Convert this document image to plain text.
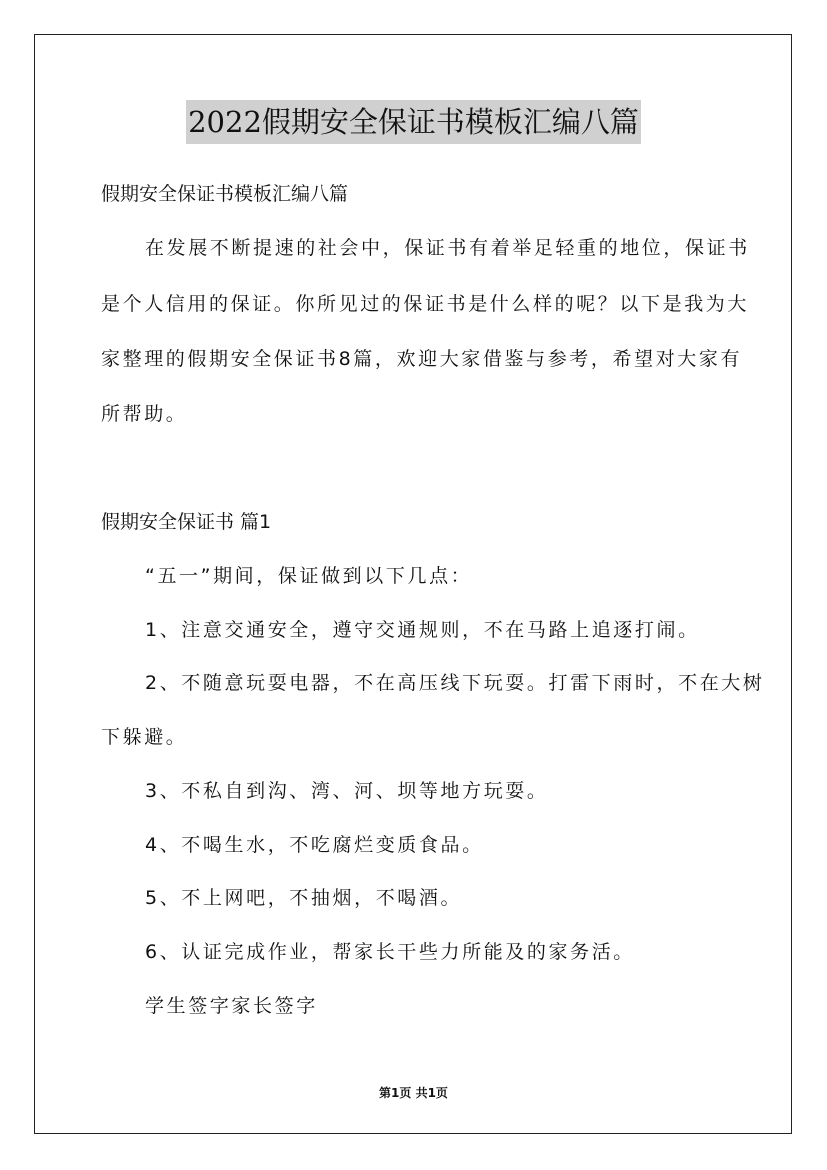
2022假期安全保证书模板汇编八篇
假期安全保证书模板汇编八篇
在发展不断提速的社会中，保证书有着举足轻重的地位，保证书
是个人信用的保证。你所见过的保证书是什么样的呢？以下是我为大
家整理的假期安全保证书8篇，欢迎大家借鉴与参考，希望对大家有
所帮助。
假期安全保证书 篇1
“五一”期间，保证做到以下几点：
1、注意交通安全，遵守交通规则，不在马路上追逐打闹。
2、不随意玩耍电器，不在高压线下玩耍。打雷下雨时，不在大树
下躲避。
3、不私自到沟、湾、河、坝等地方玩耍。
4、不喝生水，不吃腐烂变质食品。
5、不上网吧，不抽烟，不喝酒。
6、认证完成作业，帮家长干些力所能及的家务活。
学生签字家长签字
第1页 共1页
